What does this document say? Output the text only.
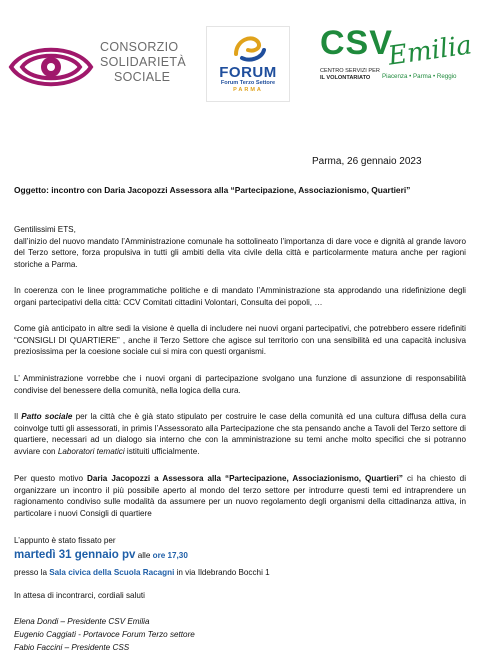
CONSORZIO
SOLIDARIETÀ
SOCIALE	FORUM
Forum Terzo Settore
PARMA
CSV
Emilia
CENTRO SERVIZI PER
IL VOLONTARIATO	Piacenza • Parma • Reggio
Parma, 26 gennaio 2023
Oggetto: incontro con Daria Jacopozzi Assessora alla “Partecipazione, Associazionismo, Quartieri”

Gentilissimi ETS,
dall’inizio del nuovo mandato l’Amministrazione comunale ha sottolineato l’importanza di dare voce e dignità al grande lavoro del Terzo settore, forza propulsiva in tutti gli ambiti della vita civile della città e particolarmente matura anche per ragioni storiche a Parma.

In coerenza con le linee programmatiche politiche e di mandato l’Amministrazione sta approdando una ridefinizione degli organi partecipativi della città: CCV Comitati cittadini Volontari, Consulta dei popoli, …

Come già anticipato in altre sedi la visione è quella di includere nei nuovi organi partecipativi, che potrebbero essere ridefiniti “CONSIGLI DI QUARTIERE” , anche il Terzo Settore che agisce sul territorio con una sensibilità ed una capacità inclusiva preziosissima per la coesione sociale cui si mira con questi organismi.

L’ Amministrazione vorrebbe che i nuovi organi di partecipazione svolgano una funzione di assunzione di responsabilità condivise del benessere della comunità, nella logica della cura.

Il Patto sociale per la città che è già stato stipulato per costruire le case della comunità ed una cultura diffusa della cura coinvolge tutti gli assessorati, in primis l’Assessorato alla Partecipazione che sta pensando anche a Tavoli del Terzo settore di quartiere, necessari ad un dialogo sia interno che con la amministrazione su temi anche molto specifici che si potranno avviare con Laboratori tematici istituiti ufficialmente.

Per questo motivo Daria Jacopozzi a Assessora alla “Partecipazione, Associazionismo, Quartieri” ci ha chiesto di organizzare un incontro il più possibile aperto al mondo del terzo settore per introdurre questi temi ed intraprendere un ragionamento condiviso sulle modalità da assumere per un nuovo regolamento degli organismi della cittadinanza attiva, in particolare i nuovi Consigli di quartiere

L’appunto è stato fissato per
martedì 31 gennaio pv alle ore 17,30
presso la Sala civica della Scuola Racagni in via Ildebrando Bocchi 1
In attesa di incontrarci, cordiali saluti
Elena Dondi – Presidente CSV Emilia
Eugenio Caggiati - Portavoce Forum Terzo settore
Fabio Faccini – Presidente CSS
